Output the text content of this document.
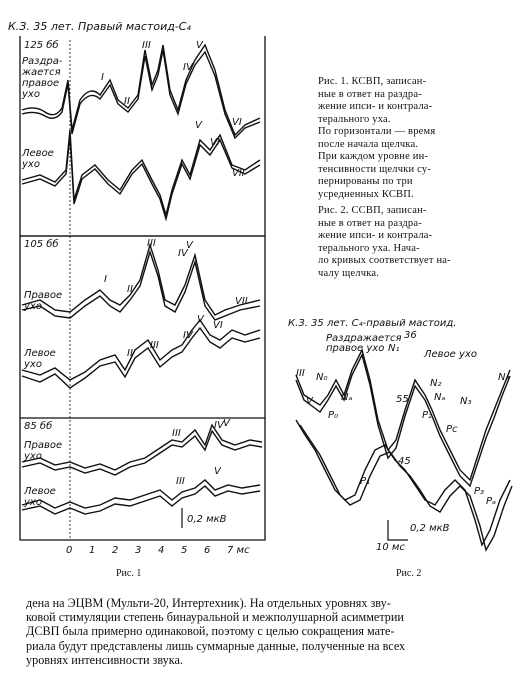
К.З. 35 лет. Правый мастоид-C₄
125 бб
Раздра-
жается
правое
ухо
Левое
ухо
105 бб
Правое
ухо
Левое
ухо
85 бб
Правое
ухо
Левое
ухо
I
II
III
IV
V
VI
V
VI
VII
I
II
III
IV
V
VII
II
III
IV
V
VI
III
IV V
III
V
0,2 мкВ
0 1 2 3 4 5 6 7 мс
Рис. 1
Рис. 1. КСВП, записан-
ные в ответ на раздра-
жение ипси- и контрала-
терального уха.
По горизонтали — время
после начала щелчка.
При каждом уровне ин-
тенсивности щелчки су-
пернированы по три
усредненных КСВП.
Рис. 2. ССВП, записан-
ные в ответ на раздра-
жение ипси- и контрала-
терального уха. Нача-
ло кривых соответствует на-
чалу щелчка.
К.З. 35 лет. C₄-правый мастоид.
Раздражается правое ухо
Левое ухо
III
V
N₀
P₀
Nₐ
N₁
P₁
55
N₂
P₂
45
N₃
P₃
36
Nₐ
Pc
Pₐ
N₄
0,2 мкВ
10 мс
Рис. 2
дена на ЭЦВМ (Мульти-20, Интертехник). На отдельных уровнях зву-
ковой стимуляции степень бинауральной и межполушарной асимметрии
ДСВП была примерно одинаковой, поэтому с целью сокращения мате-
риала будут представлены лишь суммарные данные, полученные на всех
уровнях интенсивности звука.
